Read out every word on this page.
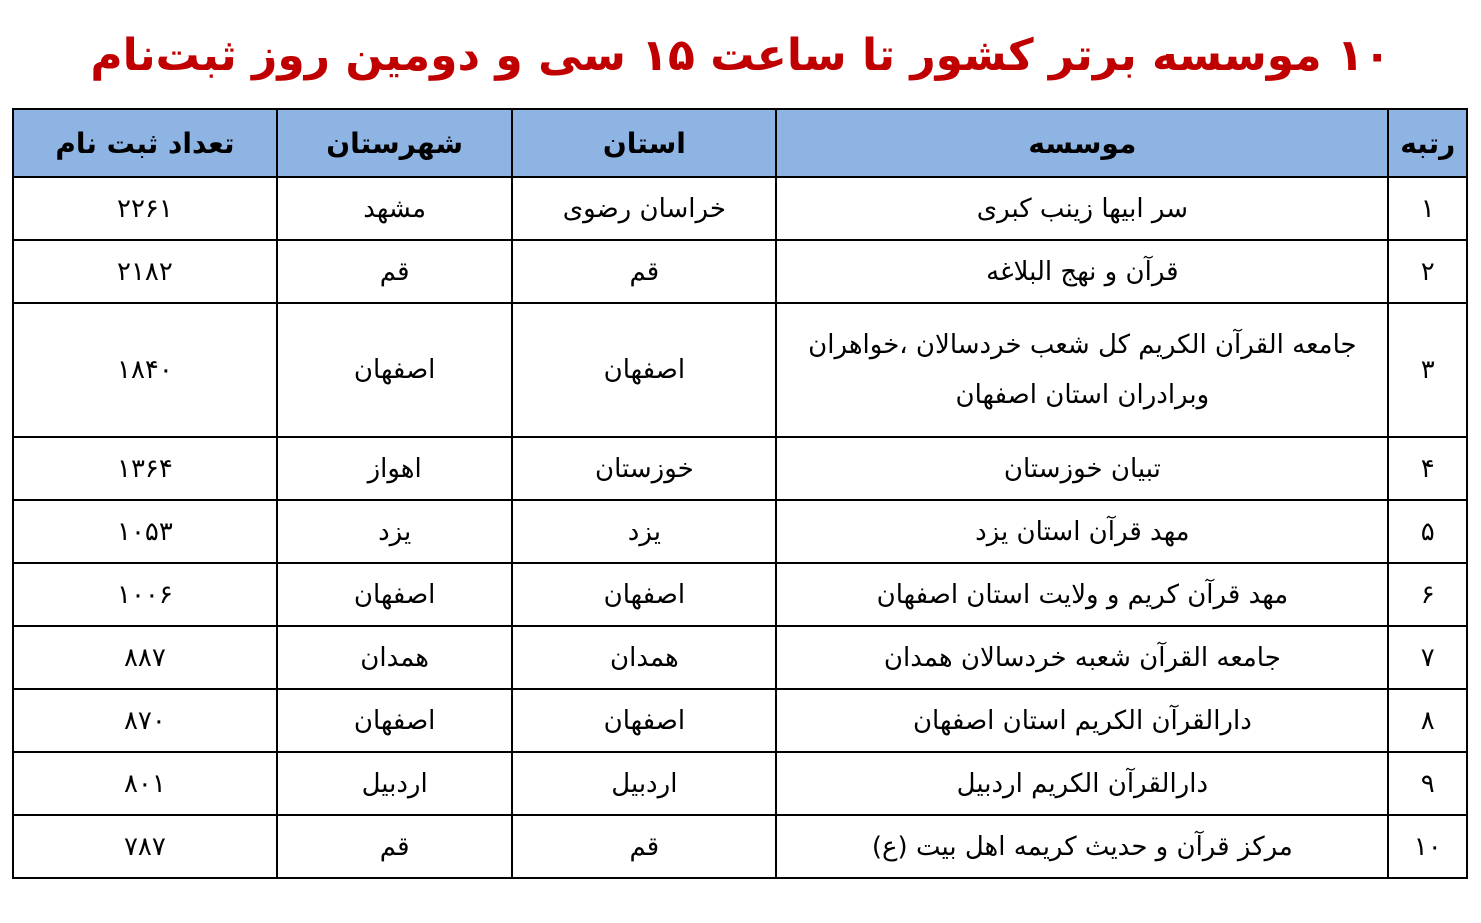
۱۰ موسسه برتر کشور تا ساعت ۱۵ سی و دومین روز ثبت‌نام
رتبه	موسسه	استان	شهرستان	تعداد ثبت نام
۱	سر ابیها زینب کبری	خراسان رضوی	مشهد	۲۲۶۱
۲	قرآن و نهج البلاغه	قم	قم	۲۱۸۲
۳	جامعه القرآن الکریم کل شعب خردسالان ،خواهران وبرادران استان اصفهان	اصفهان	اصفهان	۱۸۴۰
۴	تبیان خوزستان	خوزستان	اهواز	۱۳۶۴
۵	مهد قرآن استان یزد	یزد	یزد	۱۰۵۳
۶	مهد قرآن کریم و ولایت استان اصفهان	اصفهان	اصفهان	۱۰۰۶
۷	جامعه القرآن شعبه خردسالان همدان	همدان	همدان	۸۸۷
۸	دارالقرآن الکریم استان اصفهان	اصفهان	اصفهان	۸۷۰
۹	دارالقرآن الکریم اردبیل	اردبیل	اردبیل	۸۰۱
۱۰	مرکز قرآن و حدیث کریمه اهل بیت (ع)	قم	قم	۷۸۷
